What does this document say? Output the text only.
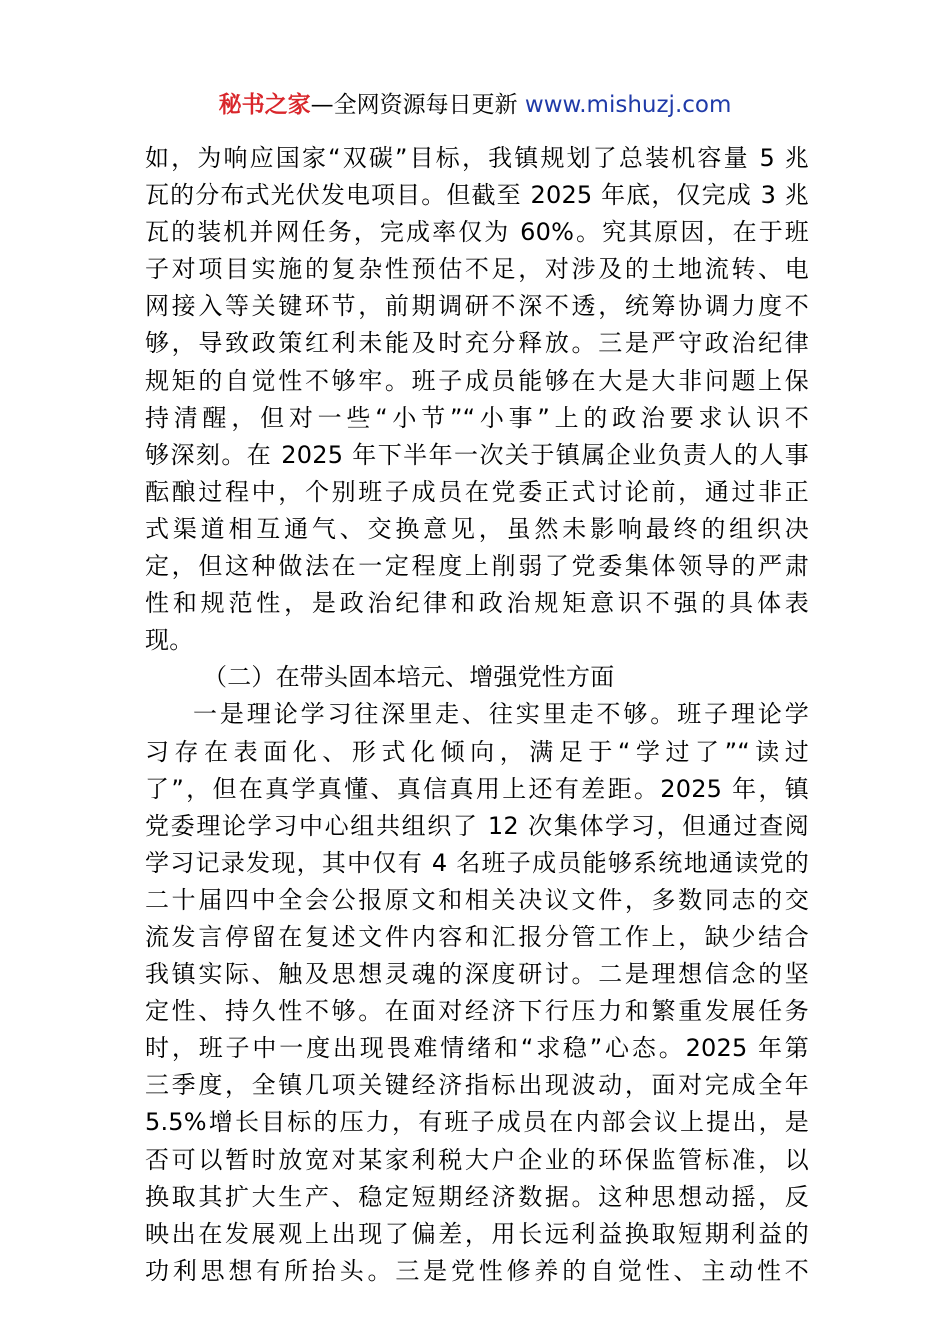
秘书之家—全网资源每日更新 www.mishuzj.com
如，为响应国家“双碳”目标，我镇规划了总装机容量 5 兆
瓦的分布式光伏发电项目。但截至 2025 年底，仅完成 3 兆
瓦的装机并网任务，完成率仅为 60%。究其原因，在于班
子对项目实施的复杂性预估不足，对涉及的土地流转、电
网接入等关键环节，前期调研不深不透，统筹协调力度不
够，导致政策红利未能及时充分释放。三是严守政治纪律
规矩的自觉性不够牢。班子成员能够在大是大非问题上保
持清醒，但对一些“小节”“小事”上的政治要求认识不
够深刻。在 2025 年下半年一次关于镇属企业负责人的人事
酝酿过程中，个别班子成员在党委正式讨论前，通过非正
式渠道相互通气、交换意见，虽然未影响最终的组织决
定，但这种做法在一定程度上削弱了党委集体领导的严肃
性和规范性，是政治纪律和政治规矩意识不强的具体表
现。
（二）在带头固本培元、增强党性方面
一是理论学习往深里走、往实里走不够。班子理论学
习存在表面化、形式化倾向，满足于“学过了”“读过
了”，但在真学真懂、真信真用上还有差距。2025 年，镇
党委理论学习中心组共组织了 12 次集体学习，但通过查阅
学习记录发现，其中仅有 4 名班子成员能够系统地通读党的
二十届四中全会公报原文和相关决议文件，多数同志的交
流发言停留在复述文件内容和汇报分管工作上，缺少结合
我镇实际、触及思想灵魂的深度研讨。二是理想信念的坚
定性、持久性不够。在面对经济下行压力和繁重发展任务
时，班子中一度出现畏难情绪和“求稳”心态。2025 年第
三季度，全镇几项关键经济指标出现波动，面对完成全年
5.5%增长目标的压力，有班子成员在内部会议上提出，是
否可以暂时放宽对某家利税大户企业的环保监管标准，以
换取其扩大生产、稳定短期经济数据。这种思想动摇，反
映出在发展观上出现了偏差，用长远利益换取短期利益的
功利思想有所抬头。三是党性修养的自觉性、主动性不
